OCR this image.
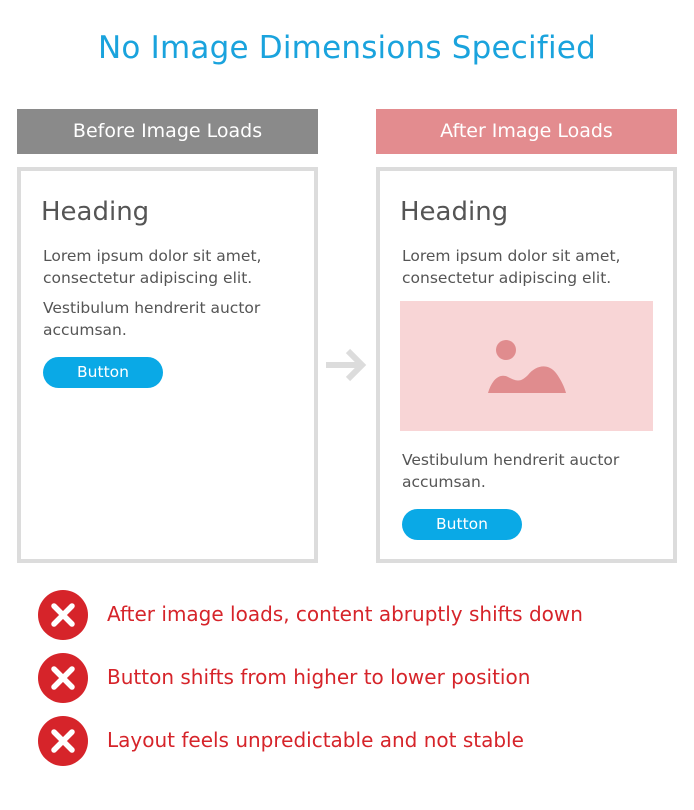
No Image Dimensions Specified
Before Image Loads
Heading
Lorem ipsum dolor sit amet, consectetur adipiscing elit.
Vestibulum hendrerit auctor accumsan.
Button
After Image Loads
Heading
Lorem ipsum dolor sit amet, consectetur adipiscing elit.
Vestibulum hendrerit auctor accumsan.
Button
After image loads, content abruptly shifts down
Button shifts from higher to lower position
Layout feels unpredictable and not stable
